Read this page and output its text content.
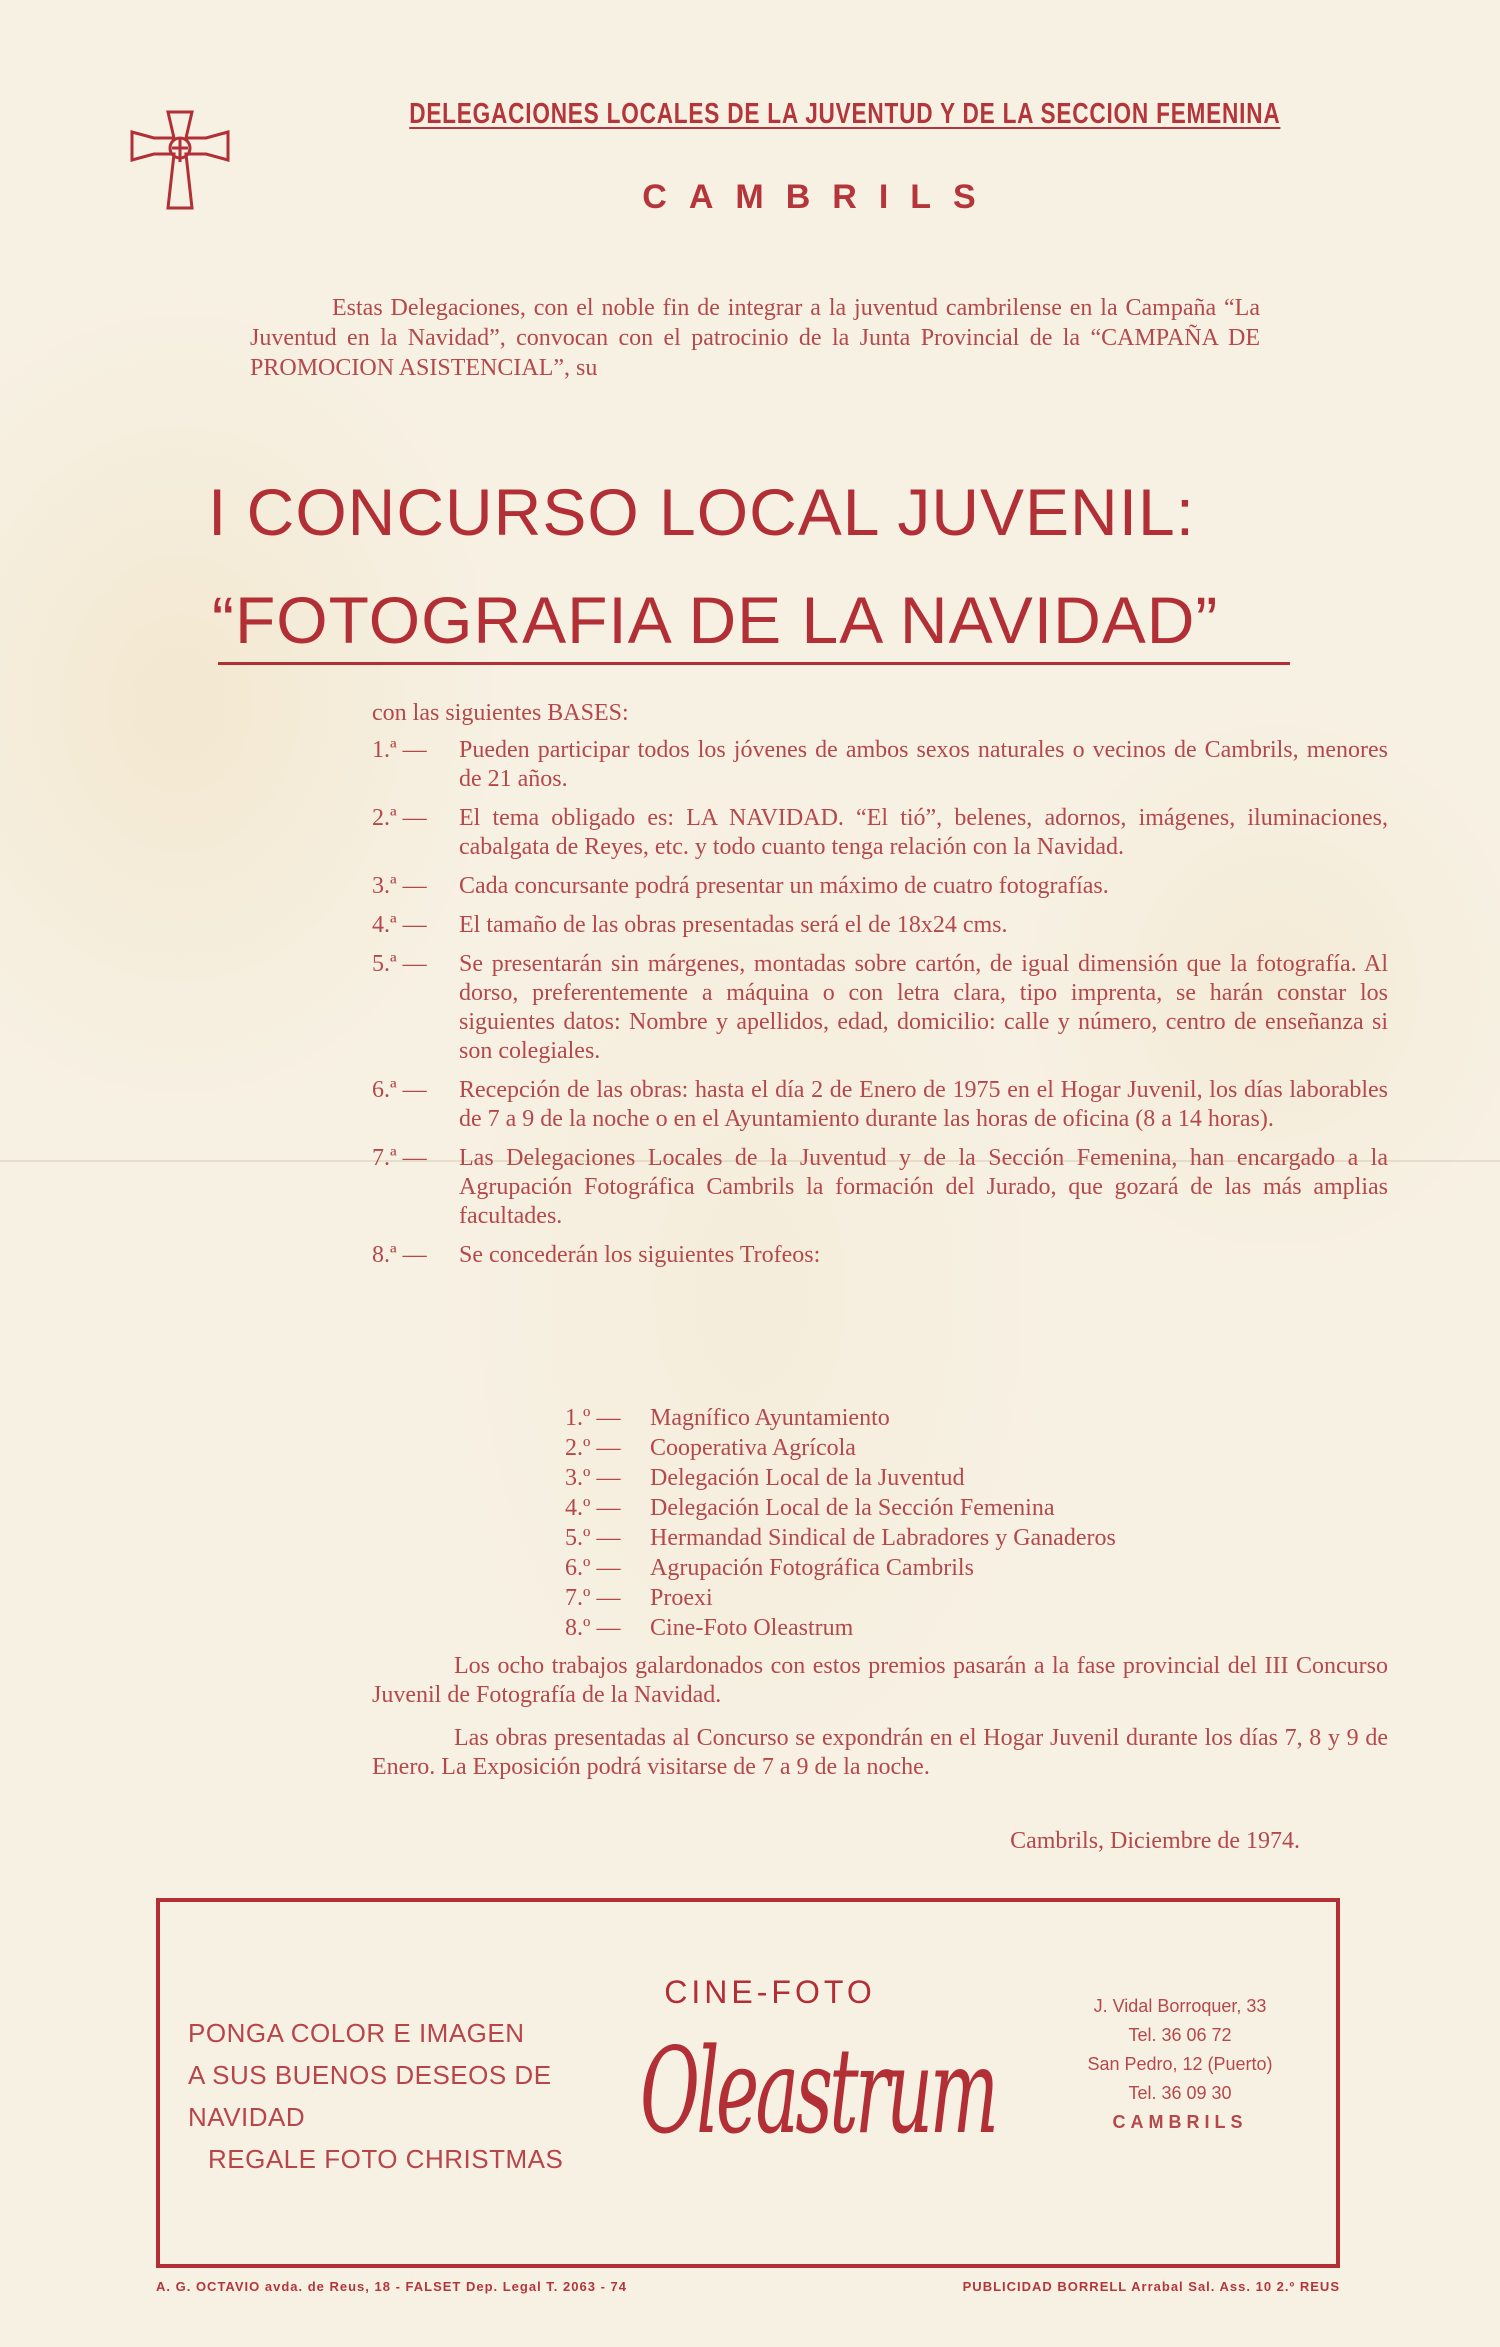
DELEGACIONES LOCALES DE LA JUVENTUD Y DE LA SECCION FEMENINA
CAMBRILS
Estas Delegaciones, con el noble fin de integrar a la juventud cambrilense en la Campaña “La Juventud en la Navidad”, convocan con el patrocinio de la Junta Provincial de la “CAMPAÑA DE PROMOCION ASISTENCIAL”, su
I CONCURSO LOCAL JUVENIL:
“FOTOGRAFIA DE LA NAVIDAD”
con las siguientes BASES:
1.ª —	Pueden participar todos los jóvenes de ambos sexos naturales o vecinos de Cambrils, menores de 21 años.
2.ª —	El tema obligado es: LA NAVIDAD. “El tió”, belenes, adornos, imágenes, iluminaciones, cabalgata de Reyes, etc. y todo cuanto tenga relación con la Navidad.
3.ª —	Cada concursante podrá presentar un máximo de cuatro fotografías.
4.ª —	El tamaño de las obras presentadas será el de 18x24 cms.
5.ª —	Se presentarán sin márgenes, montadas sobre cartón, de igual dimensión que la fotografía. Al dorso, preferentemente a máquina o con letra clara, tipo imprenta, se harán constar los siguientes datos: Nombre y apellidos, edad, domicilio: calle y número, centro de enseñanza si son colegiales.
6.ª —	Recepción de las obras: hasta el día 2 de Enero de 1975 en el Hogar Juvenil, los días laborables de 7 a 9 de la noche o en el Ayuntamiento durante las horas de oficina (8 a 14 horas).
7.ª —	Las Delegaciones Locales de la Juventud y de la Sección Femenina, han encargado a la Agrupación Fotográfica Cambrils la formación del Jurado, que gozará de las más amplias facultades.
8.ª —	Se concederán los siguientes Trofeos:
1.º — Magnífico Ayuntamiento
2.º — Cooperativa Agrícola
3.º — Delegación Local de la Juventud
4.º — Delegación Local de la Sección Femenina
5.º — Hermandad Sindical de Labradores y Ganaderos
6.º — Agrupación Fotográfica Cambrils
7.º — Proexi
8.º — Cine-Foto Oleastrum

Los ocho trabajos galardonados con estos premios pasarán a la fase provincial del III Concurso Juvenil de Fotografía de la Navidad.

Las obras presentadas al Concurso se expondrán en el Hogar Juvenil durante los días 7, 8 y 9 de Enero. La Exposición podrá visitarse de 7 a 9 de la noche.

Cambrils, Diciembre de 1974.
PONGA COLOR E IMAGEN
A SUS BUENOS DESEOS DE
NAVIDAD
REGALE FOTO CHRISTMAS
CINE-FOTO
Oleastrum
J. Vidal Borroquer, 33
Tel. 36 06 72
San Pedro, 12 (Puerto)
Tel. 36 09 30
CAMBRILS
A. G. OCTAVIO avda. de Reus, 18 - FALSET Dep. Legal T. 2063 - 74	PUBLICIDAD BORRELL Arrabal Sal. Ass. 10 2.º REUS
